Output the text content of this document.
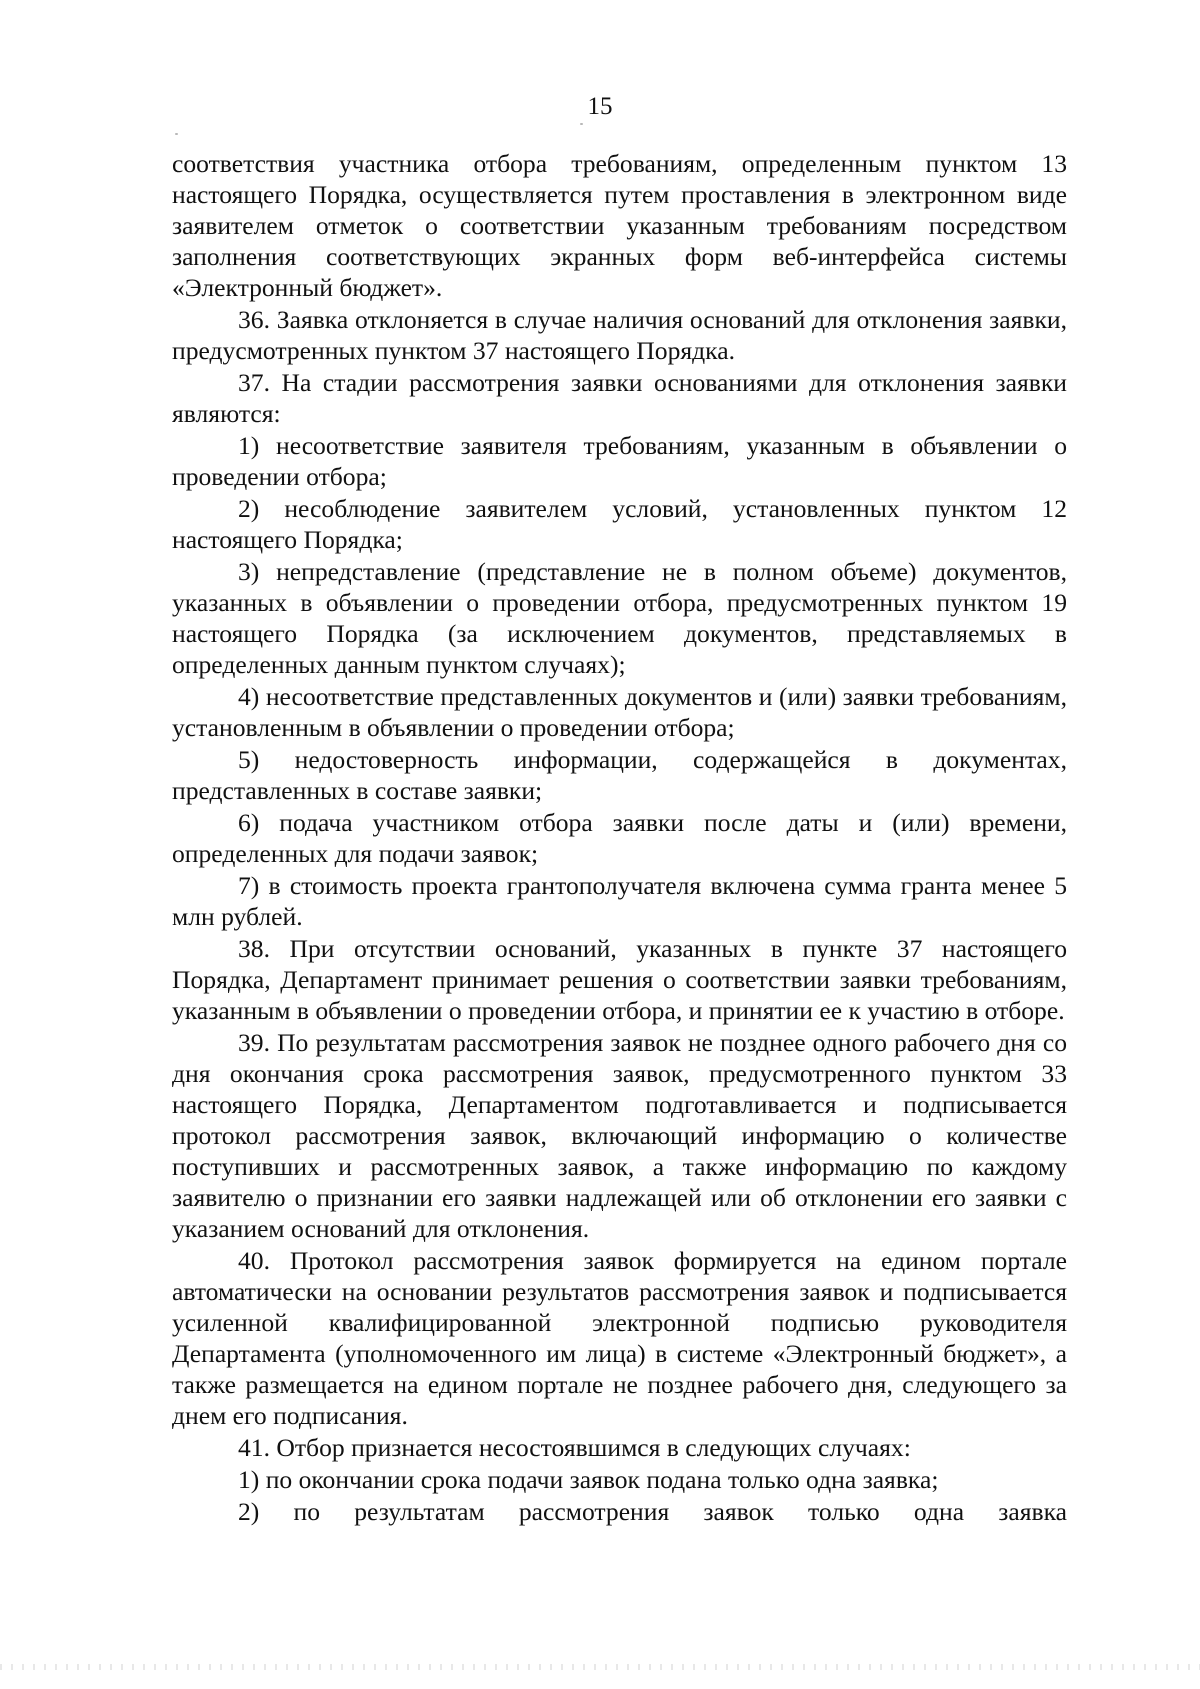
15

соответствия участника отбора требованиям, определенным пунктом 13 настоящего Порядка, осуществляется путем проставления в электронном виде заявителем отметок о соответствии указанным требованиям посредством заполнения соответствующих экранных форм веб-интерфейса системы «Электронный бюджет».

36. Заявка отклоняется в случае наличия оснований для отклонения заявки, предусмотренных пунктом 37 настоящего Порядка.

37. На стадии рассмотрения заявки основаниями для отклонения заявки являются:

1) несоответствие заявителя требованиям, указанным в объявлении о проведении отбора;

2) несоблюдение заявителем условий, установленных пунктом 12 настоящего Порядка;

3) непредставление (представление не в полном объеме) документов, указанных в объявлении о проведении отбора, предусмотренных пунктом 19 настоящего Порядка (за исключением документов, представляемых в определенных данным пунктом случаях);

4) несоответствие представленных документов и (или) заявки требованиям, установленным в объявлении о проведении отбора;

5) недостоверность информации, содержащейся в документах, представленных в составе заявки;

6) подача участником отбора заявки после даты и (или) времени, определенных для подачи заявок;

7) в стоимость проекта грантополучателя включена сумма гранта менее 5 млн рублей.

38. При отсутствии оснований, указанных в пункте 37 настоящего Порядка, Департамент принимает решения о соответствии заявки требованиям, указанным в объявлении о проведении отбора, и принятии ее к участию в отборе.

39. По результатам рассмотрения заявок не позднее одного рабочего дня со дня окончания срока рассмотрения заявок, предусмотренного пунктом 33 настоящего Порядка, Департаментом подготавливается и подписывается протокол рассмотрения заявок, включающий информацию о количестве поступивших и рассмотренных заявок, а также информацию по каждому заявителю о признании его заявки надлежащей или об отклонении его заявки с указанием оснований для отклонения.

40. Протокол рассмотрения заявок формируется на едином портале автоматически на основании результатов рассмотрения заявок и подписывается усиленной квалифицированной электронной подписью руководителя Департамента (уполномоченного им лица) в системе «Электронный бюджет», а также размещается на едином портале не позднее рабочего дня, следующего за днем его подписания.

41. Отбор признается несостоявшимся в следующих случаях:

1) по окончании срока подачи заявок подана только одна заявка;

2) по результатам рассмотрения заявок только одна заявка
